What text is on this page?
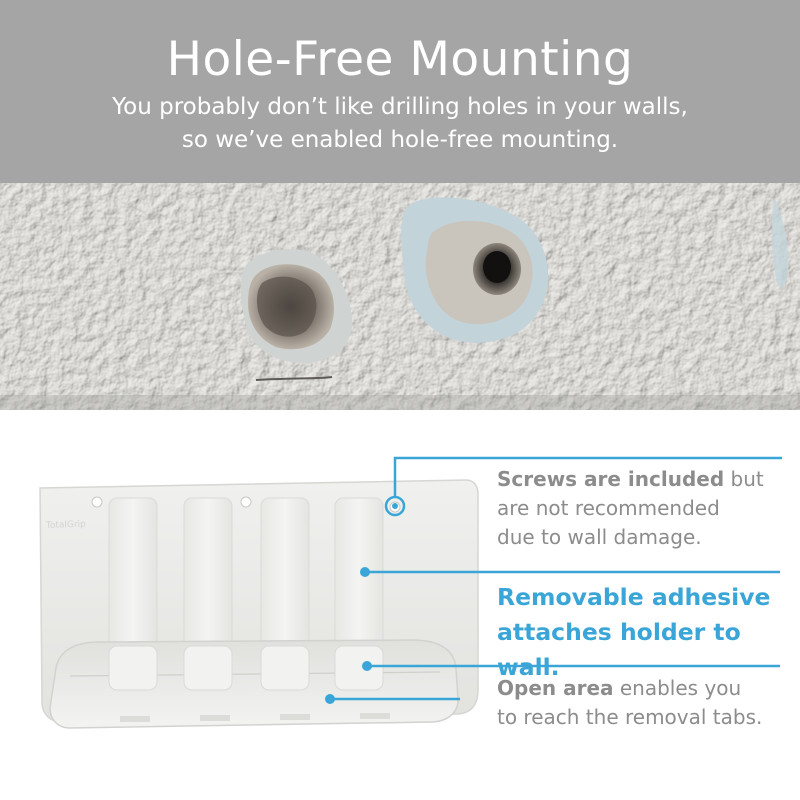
Hole-Free Mounting
You probably don’t like drilling holes in your walls,
so we’ve enabled hole-free mounting.
TotalGrip
Screws are included but
are not recommended
due to wall damage.
Removable adhesive
attaches holder to wall.
Open area enables you
to reach the removal tabs.
